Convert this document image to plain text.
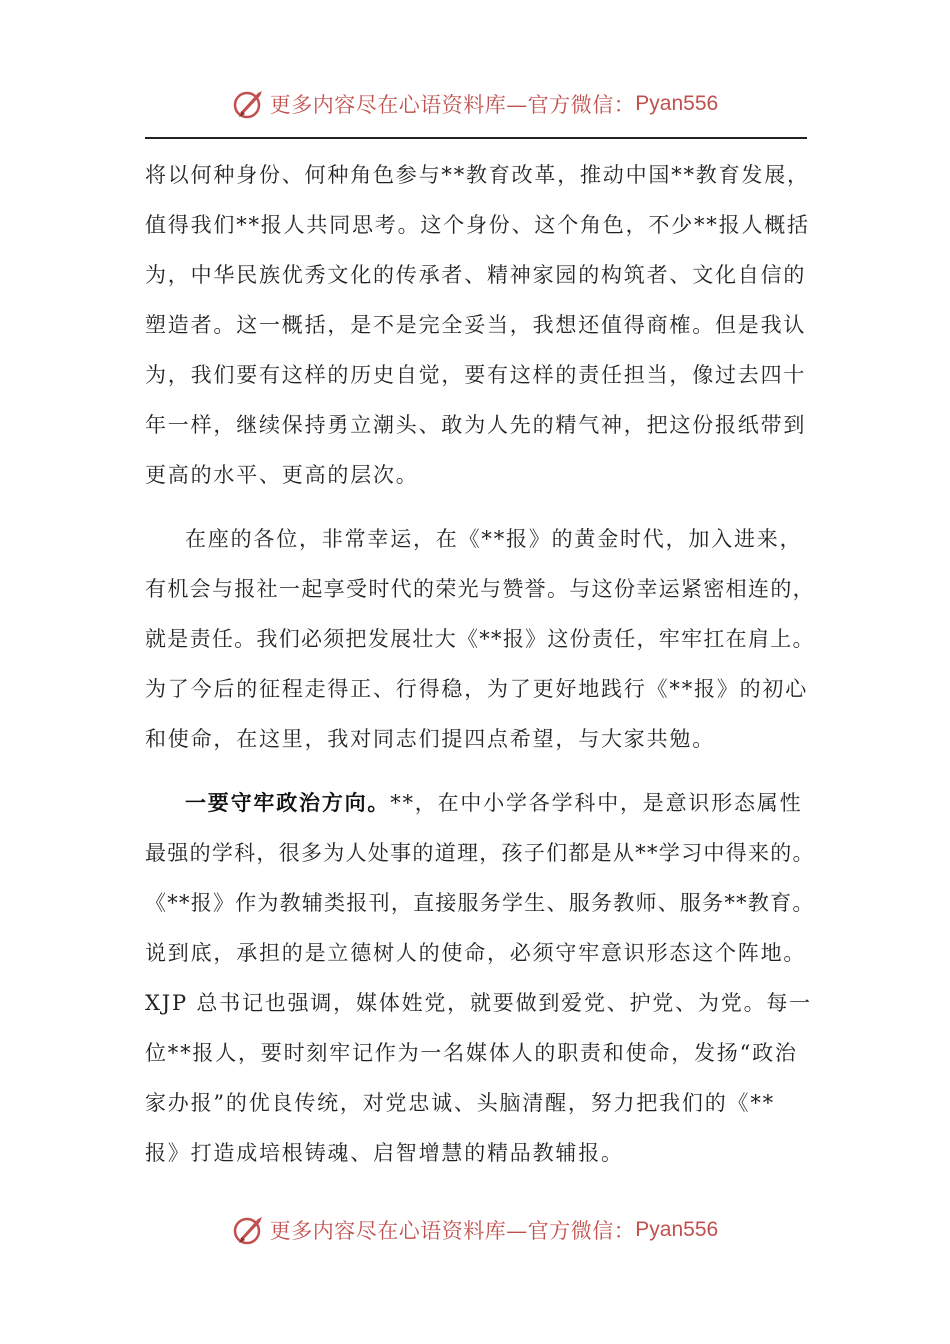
更多内容尽在心语资料库—官方微信： Pyan556

将以何种身份、何种角色参与**教育改革，推动中国**教育发展，
值得我们**报人共同思考。这个身份、这个角色，不少**报人概括
为，中华民族优秀文化的传承者、精神家园的构筑者、文化自信的
塑造者。这一概括，是不是完全妥当，我想还值得商榷。但是我认
为，我们要有这样的历史自觉，要有这样的责任担当，像过去四十
年一样，继续保持勇立潮头、敢为人先的精气神，把这份报纸带到
更高的水平、更高的层次。

在座的各位，非常幸运，在《**报》的黄金时代，加入进来，
有机会与报社一起享受时代的荣光与赞誉。与这份幸运紧密相连的，
就是责任。我们必须把发展壮大《**报》这份责任，牢牢扛在肩上。
为了今后的征程走得正、行得稳，为了更好地践行《**报》的初心
和使命，在这里，我对同志们提四点希望，与大家共勉。

一要守牢政治方向。**，在中小学各学科中，是意识形态属性
最强的学科，很多为人处事的道理，孩子们都是从**学习中得来的。
《**报》作为教辅类报刊，直接服务学生、服务教师、服务**教育。
说到底，承担的是立德树人的使命，必须守牢意识形态这个阵地。
XJP 总书记也强调，媒体姓党，就要做到爱党、护党、为党。每一
位**报人，要时刻牢记作为一名媒体人的职责和使命，发扬“政治
家办报”的优良传统，对党忠诚、头脑清醒，努力把我们的《**
报》打造成培根铸魂、启智增慧的精品教辅报。

更多内容尽在心语资料库—官方微信： Pyan556
